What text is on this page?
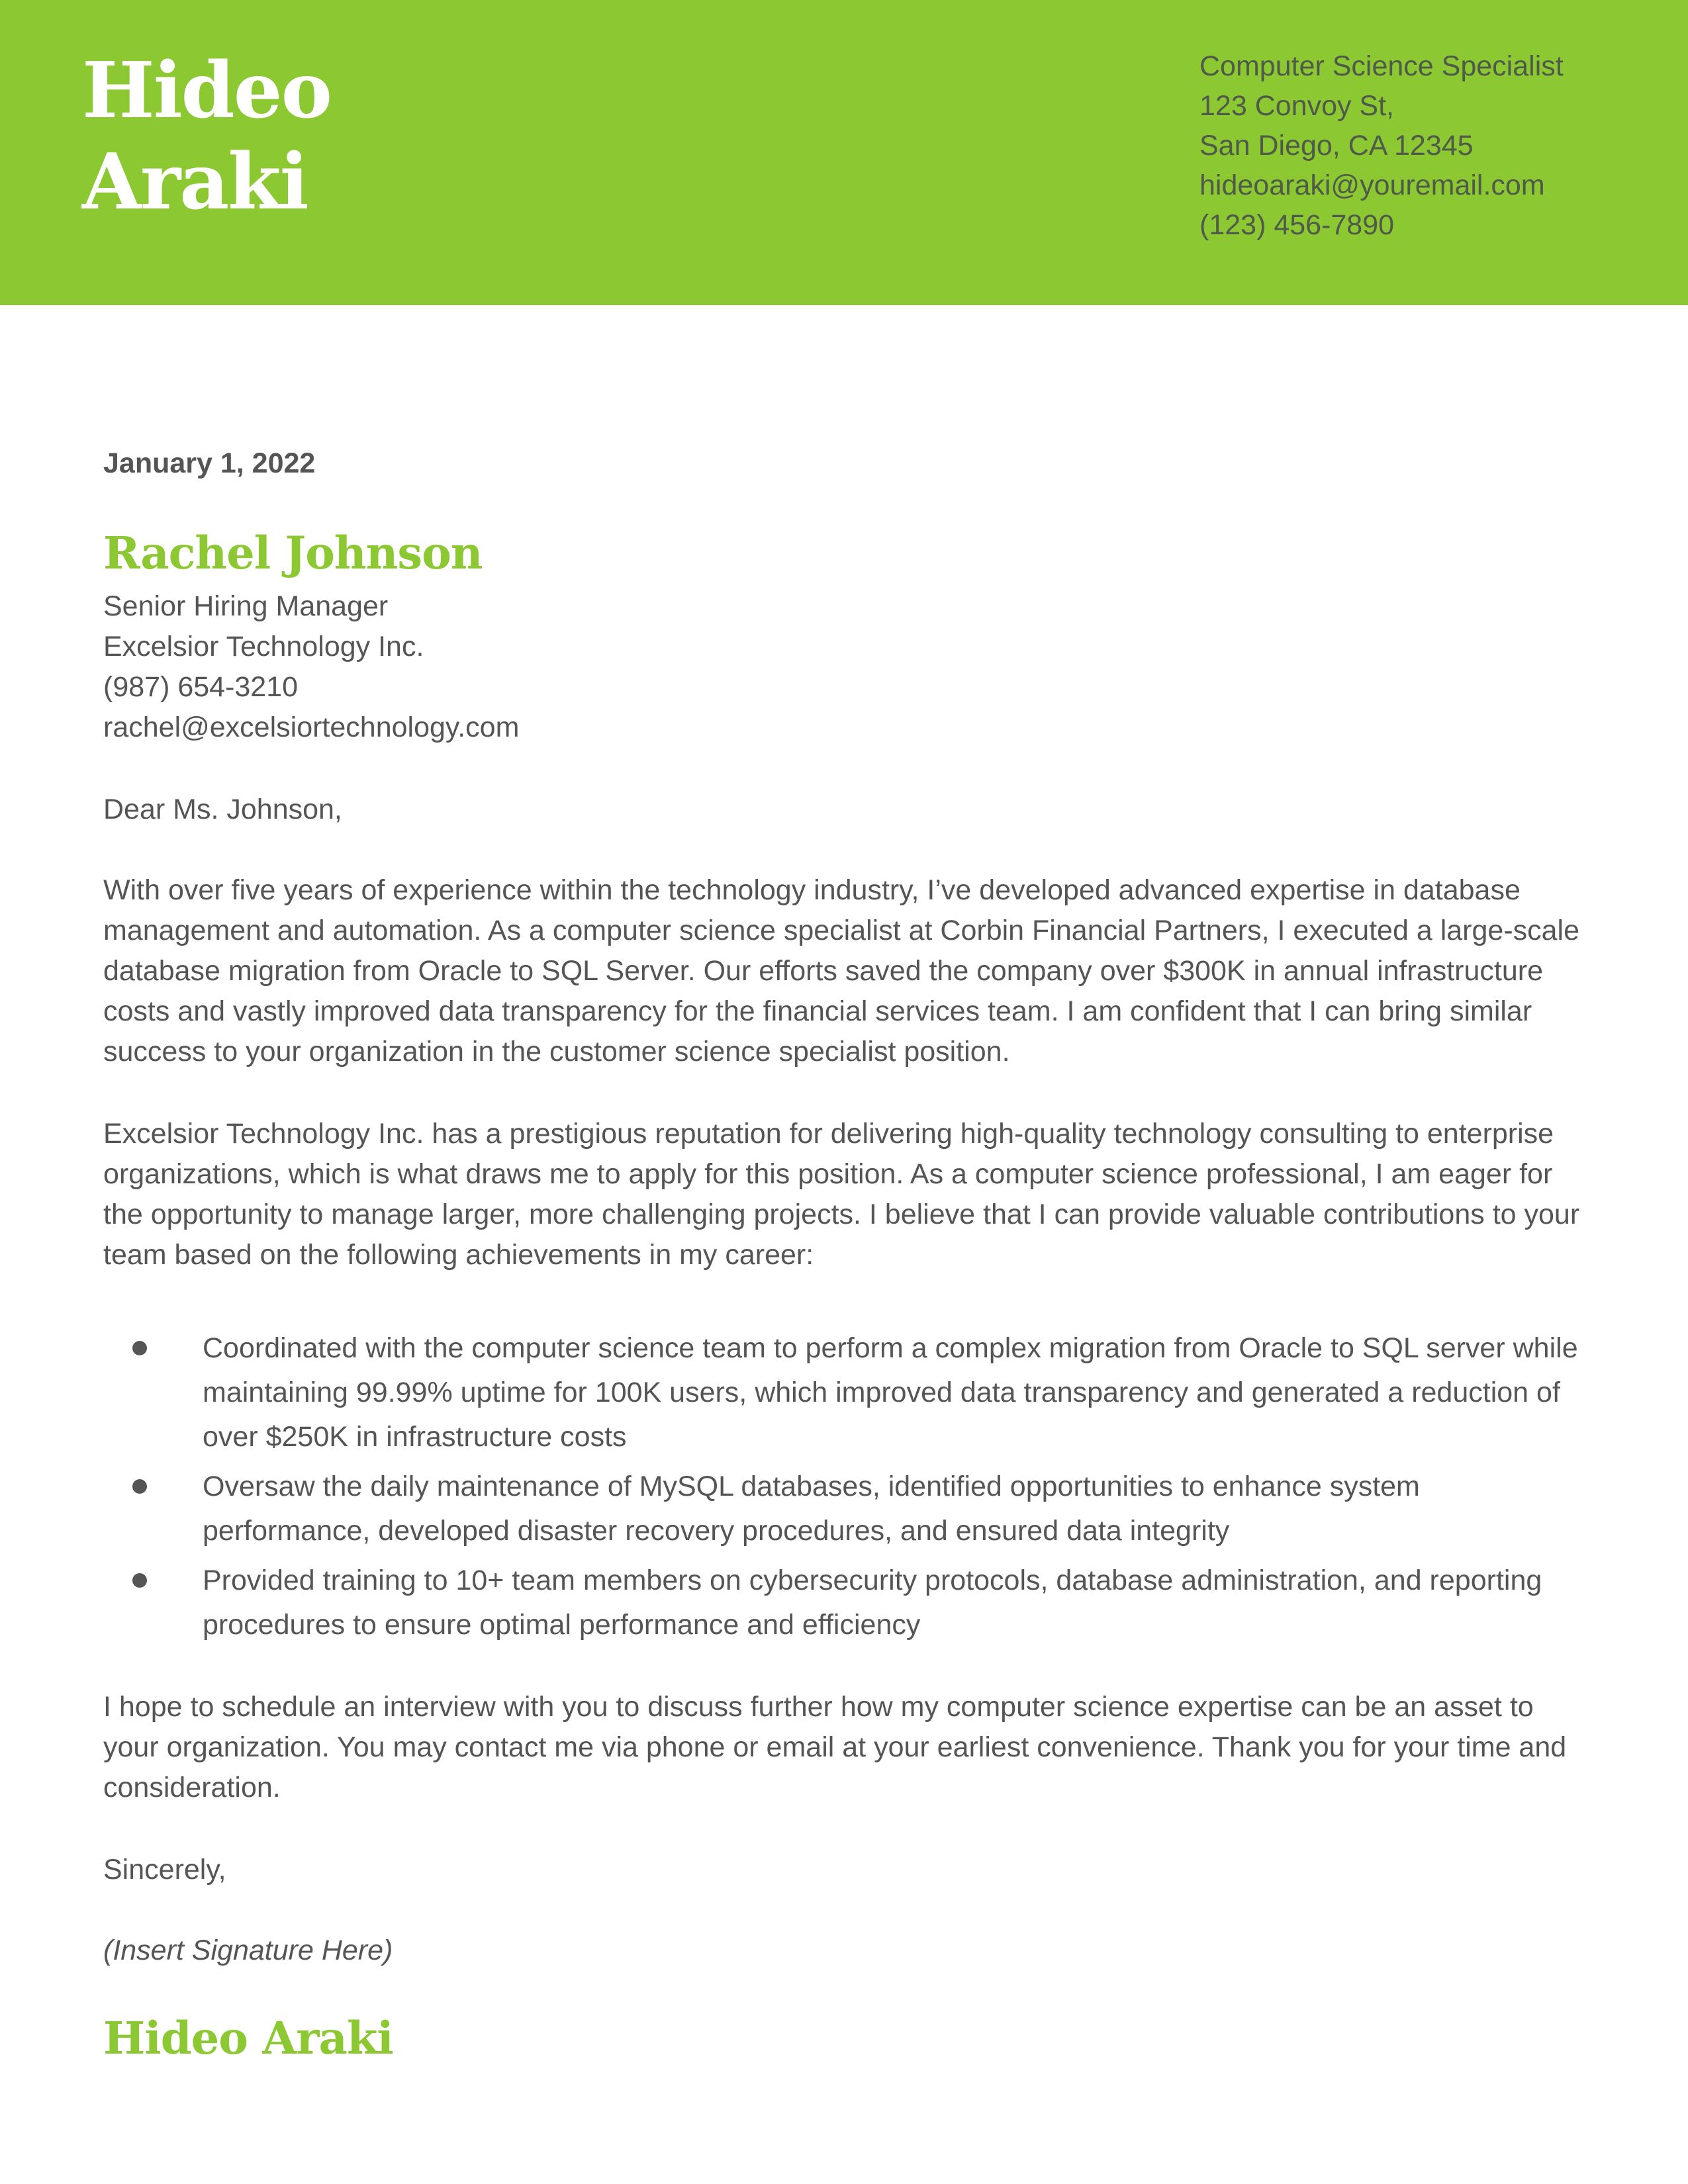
Hideo
Araki
Computer Science Specialist
123 Convoy St,
San Diego, CA 12345
hideoaraki@youremail.com
(123) 456-7890
January 1, 2022
Rachel Johnson
Senior Hiring Manager
Excelsior Technology Inc.
(987) 654-3210
rachel@excelsiortechnology.com
Dear Ms. Johnson,

With over five years of experience within the technology industry, I’ve developed advanced expertise in database management and automation. As a computer science specialist at Corbin Financial Partners, I executed a large-scale database migration from Oracle to SQL Server. Our efforts saved the company over $300K in annual infrastructure costs and vastly improved data transparency for the financial services team. I am confident that I can bring similar success to your organization in the customer science specialist position.

Excelsior Technology Inc. has a prestigious reputation for delivering high-quality technology consulting to enterprise organizations, which is what draws me to apply for this position. As a computer science professional, I am eager for the opportunity to manage larger, more challenging projects. I believe that I can provide valuable contributions to your team based on the following achievements in my career:

Coordinated with the computer science team to perform a complex migration from Oracle to SQL server while maintaining 99.99% uptime for 100K users, which improved data transparency and generated a reduction of over $250K in infrastructure costs
Oversaw the daily maintenance of MySQL databases, identified opportunities to enhance system performance, developed disaster recovery procedures, and ensured data integrity
Provided training to 10+ team members on cybersecurity protocols, database administration, and reporting procedures to ensure optimal performance and efficiency

I hope to schedule an interview with you to discuss further how my computer science expertise can be an asset to your organization. You may contact me via phone or email at your earliest convenience. Thank you for your time and consideration.

Sincerely,
(Insert Signature Here)
Hideo Araki
